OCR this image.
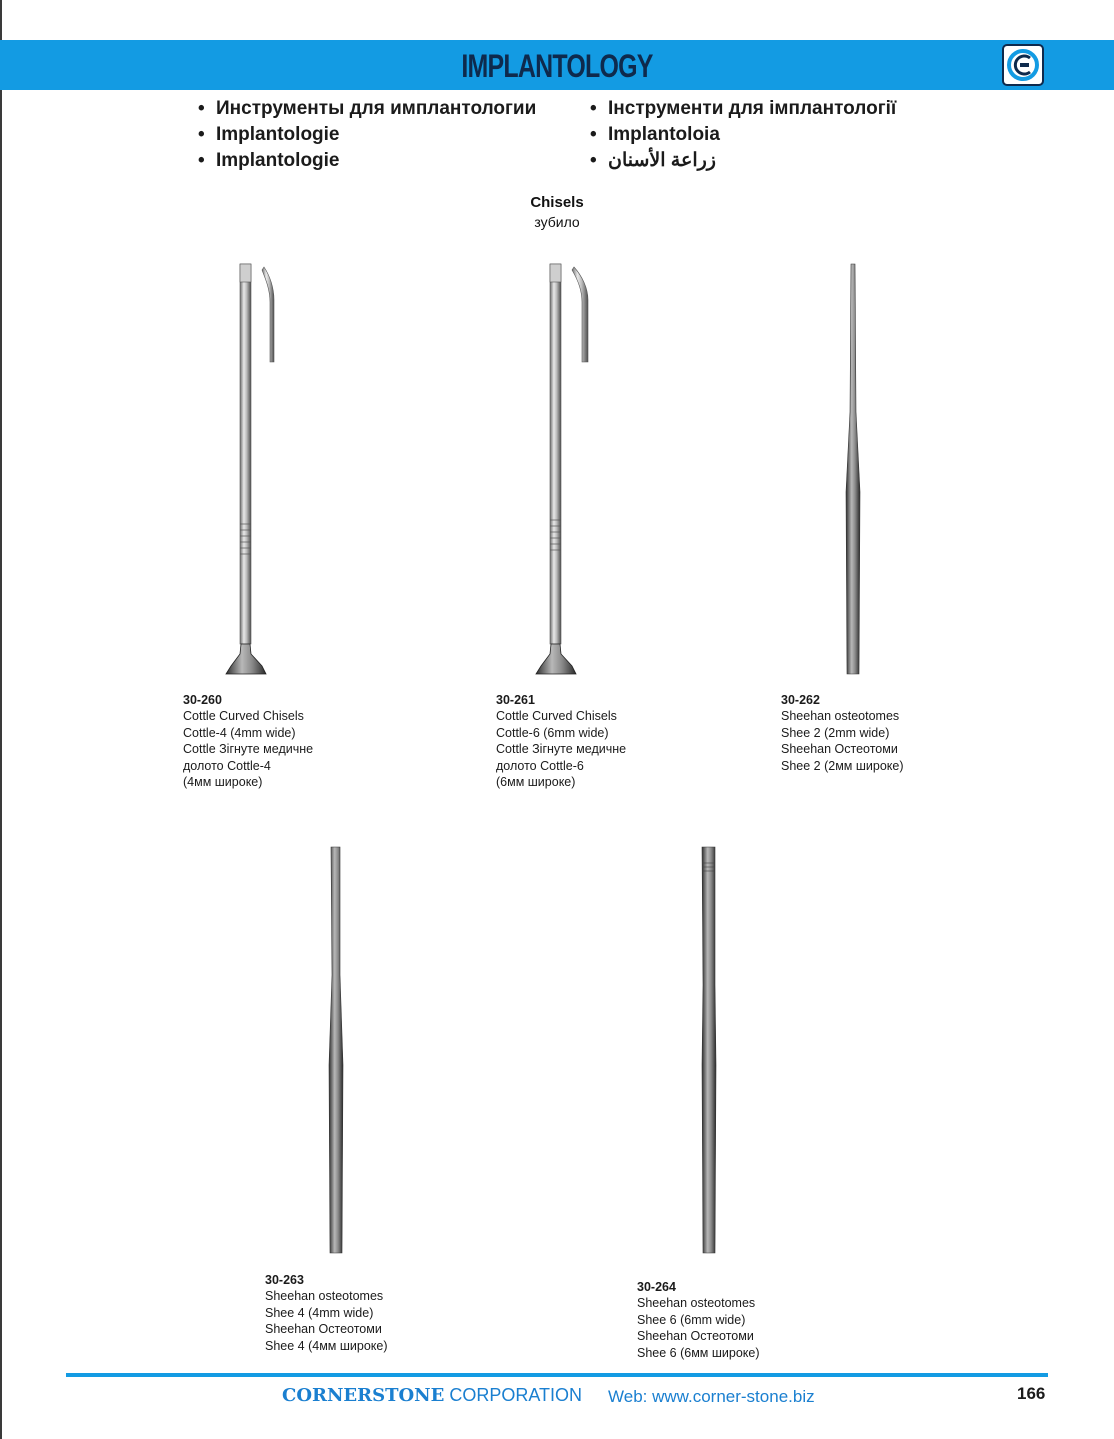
IMPLANTOLOGY
• Инструменты для имплантологии
• Implantologie
• Implantologie
• Інструменти для імплантології
• Implantoloia
• زراعة الأسنان
Chisels
зубило
30-260
Cottle Curved Chisels
Cottle-4 (4mm wide)
Cottle Зігнуте медичне
долото Cottle-4
(4мм широке)
30-261
Cottle Curved Chisels
Cottle-6 (6mm wide)
Cottle Зігнуте медичне
долото Cottle-6
(6мм широке)
30-262
Sheehan osteotomes
Shee 2 (2mm wide)
Sheehan Остеотоми
Shee 2 (2мм широке)
30-263
Sheehan osteotomes
Shee 4 (4mm wide)
Sheehan Остеотоми
Shee 4 (4мм широке)
30-264
Sheehan osteotomes
Shee 6 (6mm wide)
Sheehan Остеотоми
Shee 6 (6мм широке)
CORNERSTONE CORPORATION Web: www.corner-stone.biz	166
